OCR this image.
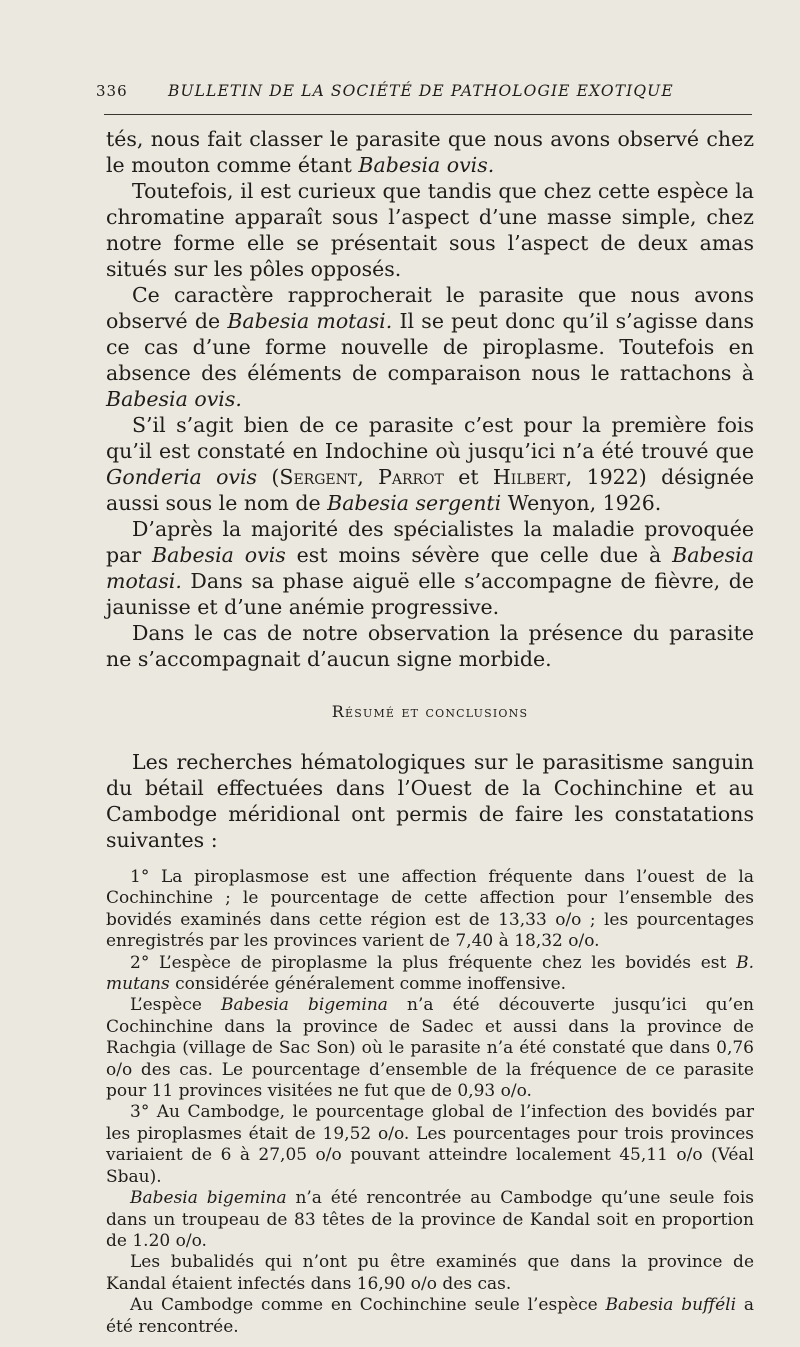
336	BULLETIN DE LA SOCIÉTÉ DE PATHOLOGIE EXOTIQUE

tés, nous fait classer le parasite que nous avons observé chez le mouton comme étant Babesia ovis.

Toutefois, il est curieux que tandis que chez cette espèce la chromatine apparaît sous l’aspect d’une masse simple, chez notre forme elle se présentait sous l’aspect de deux amas situés sur les pôles opposés.

Ce caractère rapprocherait le parasite que nous avons observé de Babesia motasi. Il se peut donc qu’il s’agisse dans ce cas d’une forme nouvelle de piroplasme. Toutefois en absence des éléments de comparaison nous le rattachons à Babesia ovis.

S’il s’agit bien de ce parasite c’est pour la première fois qu’il est constaté en Indochine où jusqu’ici n’a été trouvé que Gonderia ovis (Sergent, Parrot et Hilbert, 1922) désignée aussi sous le nom de Babesia sergenti Wenyon, 1926.

D’après la majorité des spécialistes la maladie provoquée par Babesia ovis est moins sévère que celle due à Babesia motasi. Dans sa phase aiguë elle s’accompagne de fièvre, de jaunisse et d’une anémie progressive.

Dans le cas de notre observation la présence du parasite ne s’accompagnait d’aucun signe morbide.

Résumé et conclusions

Les recherches hématologiques sur le parasitisme sanguin du bétail effectuées dans l’Ouest de la Cochinchine et au Cambodge méridional ont permis de faire les constatations suivantes :

1° La piroplasmose est une affection fréquente dans l’ouest de la Cochinchine ; le pourcentage de cette affection pour l’ensemble des bovidés examinés dans cette région est de 13,33 o/o ; les pourcentages enregistrés par les provinces varient de 7,40 à 18,32 o/o.

2° L’espèce de piroplasme la plus fréquente chez les bovidés est B. mutans considérée généralement comme inoffensive.

L’espèce Babesia bigemina n’a été découverte jusqu’ici qu’en Cochinchine dans la province de Sadec et aussi dans la province de Rachgia (village de Sac Son) où le parasite n’a été constaté que dans 0,76 o/o des cas. Le pourcentage d’ensemble de la fréquence de ce parasite pour 11 provinces visitées ne fut que de 0,93 o/o.

3° Au Cambodge, le pourcentage global de l’infection des bovidés par les piroplasmes était de 19,52 o/o. Les pourcentages pour trois provinces variaient de 6 à 27,05 o/o pouvant atteindre localement 45,11 o/o (Véal Sbau).

Babesia bigemina n’a été rencontrée au Cambodge qu’une seule fois dans un troupeau de 83 têtes de la province de Kandal soit en proportion de 1.20 o/o.

Les bubalidés qui n’ont pu être examinés que dans la province de Kandal étaient infectés dans 16,90 o/o des cas.

Au Cambodge comme en Cochinchine seule l’espèce Babesia bufféli a été rencontrée.
